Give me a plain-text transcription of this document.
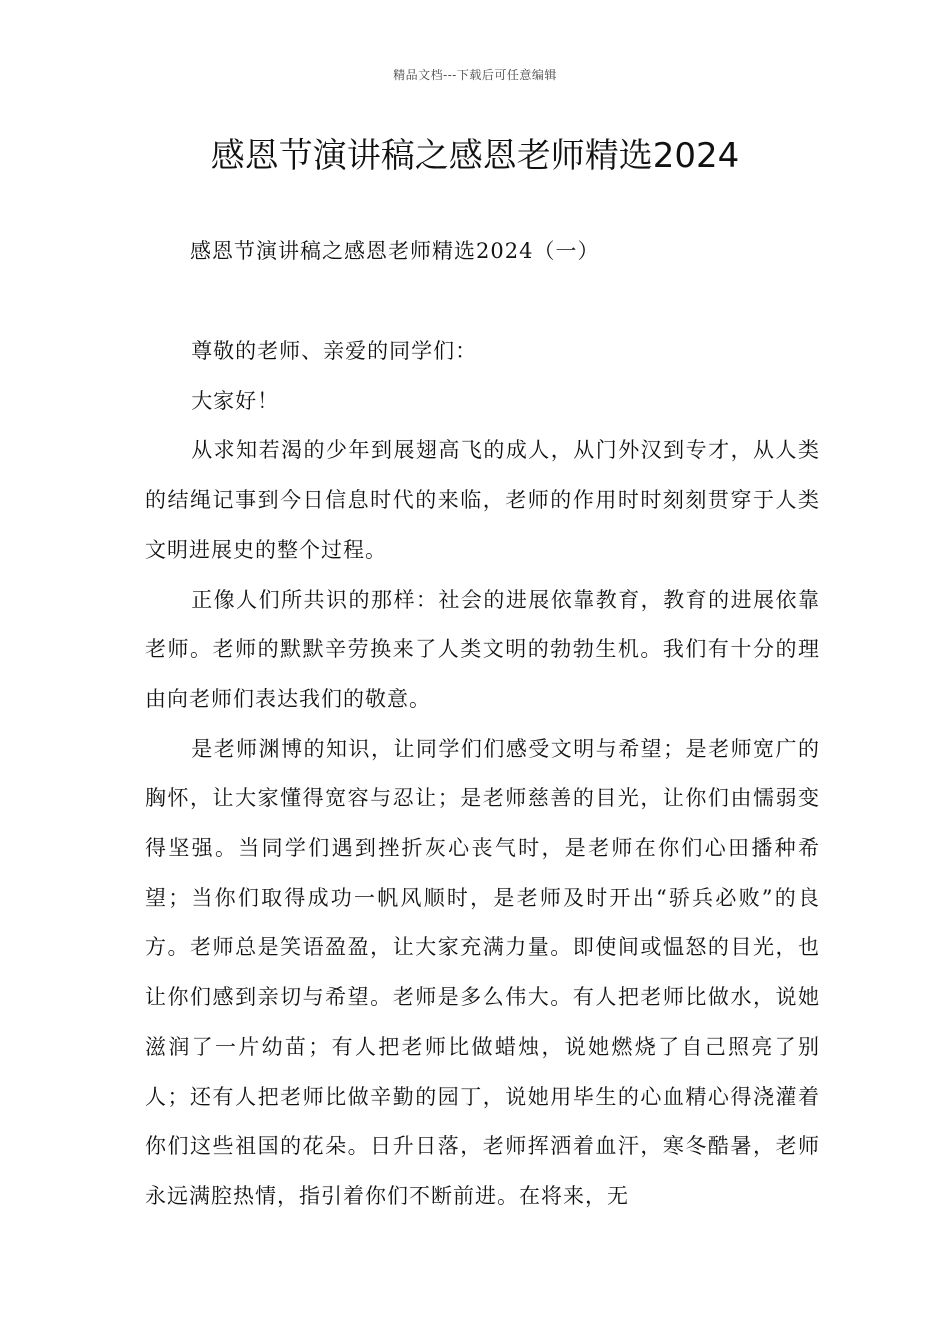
精品文档---下载后可任意编辑
感恩节演讲稿之感恩老师精选2024

感恩节演讲稿之感恩老师精选2024（一）

尊敬的老师、亲爱的同学们：

大家好！

从求知若渴的少年到展翅高飞的成人，从门外汉到专才，从人类的结绳记事到今日信息时代的来临，老师的作用时时刻刻贯穿于人类文明进展史的整个过程。

正像人们所共识的那样：社会的进展依靠教育，教育的进展依靠老师。老师的默默辛劳换来了人类文明的勃勃生机。我们有十分的理由向老师们表达我们的敬意。

是老师渊博的知识，让同学们们感受文明与希望；是老师宽广的胸怀，让大家懂得宽容与忍让；是老师慈善的目光，让你们由懦弱变得坚强。当同学们遇到挫折灰心丧气时，是老师在你们心田播种希望；当你们取得成功一帆风顺时，是老师及时开出“骄兵必败”的良方。老师总是笑语盈盈，让大家充满力量。即使间或愠怒的目光，也让你们感到亲切与希望。老师是多么伟大。有人把老师比做水，说她滋润了一片幼苗；有人把老师比做蜡烛，说她燃烧了自己照亮了别人；还有人把老师比做辛勤的园丁，说她用毕生的心血精心得浇灌着你们这些祖国的花朵。日升日落，老师挥洒着血汗，寒冬酷暑，老师永远满腔热情，指引着你们不断前进。在将来，无
